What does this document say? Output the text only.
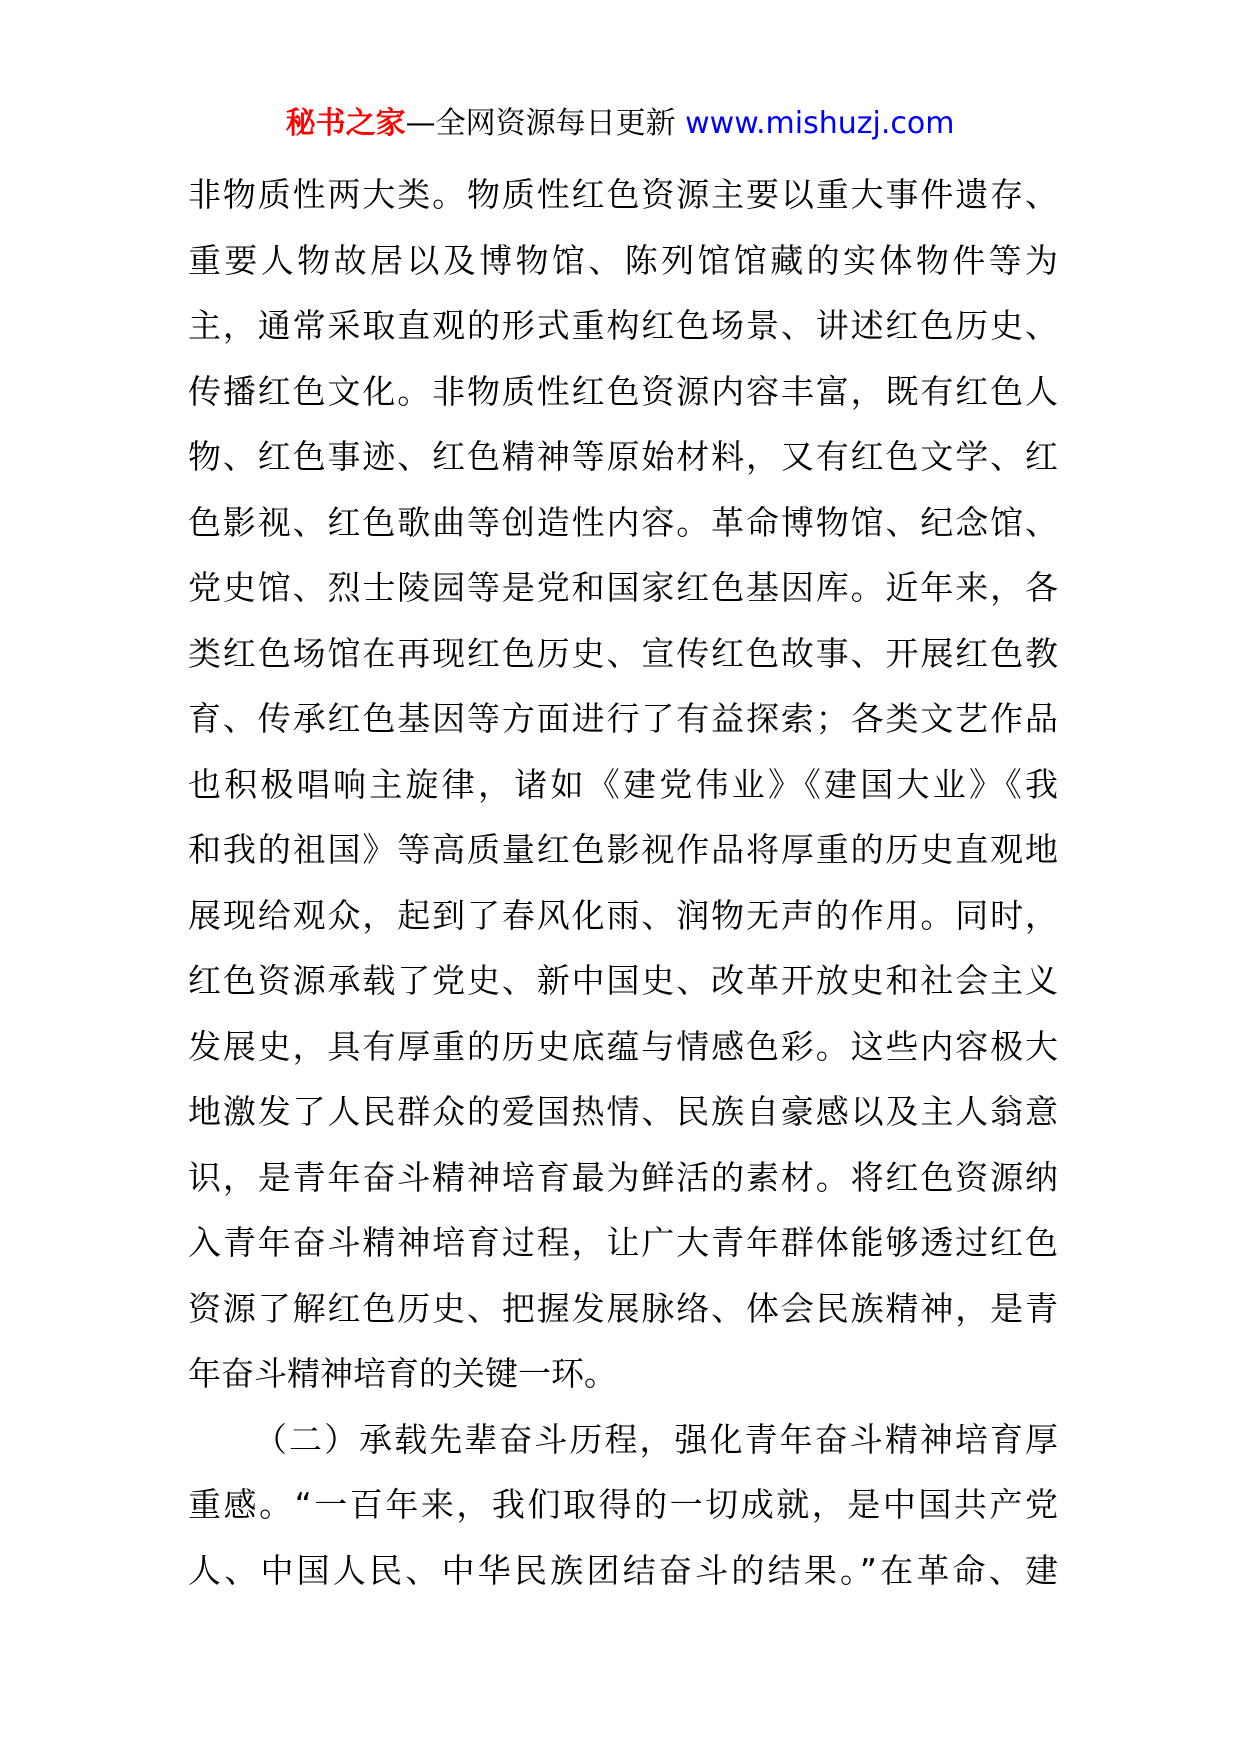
秘书之家—全网资源每日更新 www.mishuzj.com
非物质性两大类。物质性红色资源主要以重大事件遗存、
重要人物故居以及博物馆、陈列馆馆藏的实体物件等为
主，通常采取直观的形式重构红色场景、讲述红色历史、
传播红色文化。非物质性红色资源内容丰富，既有红色人
物、红色事迹、红色精神等原始材料，又有红色文学、红
色影视、红色歌曲等创造性内容。革命博物馆、纪念馆、
党史馆、烈士陵园等是党和国家红色基因库。近年来，各
类红色场馆在再现红色历史、宣传红色故事、开展红色教
育、传承红色基因等方面进行了有益探索；各类文艺作品
也积极唱响主旋律，诸如《建党伟业》《建国大业》《我
和我的祖国》等高质量红色影视作品将厚重的历史直观地
展现给观众，起到了春风化雨、润物无声的作用。同时，
红色资源承载了党史、新中国史、改革开放史和社会主义
发展史，具有厚重的历史底蕴与情感色彩。这些内容极大
地激发了人民群众的爱国热情、民族自豪感以及主人翁意
识，是青年奋斗精神培育最为鲜活的素材。将红色资源纳
入青年奋斗精神培育过程，让广大青年群体能够透过红色
资源了解红色历史、把握发展脉络、体会民族精神，是青
年奋斗精神培育的关键一环。
（二）承载先辈奋斗历程，强化青年奋斗精神培育厚
重感。“一百年来，我们取得的一切成就，是中国共产党
人、中国人民、中华民族团结奋斗的结果。”在革命、建
